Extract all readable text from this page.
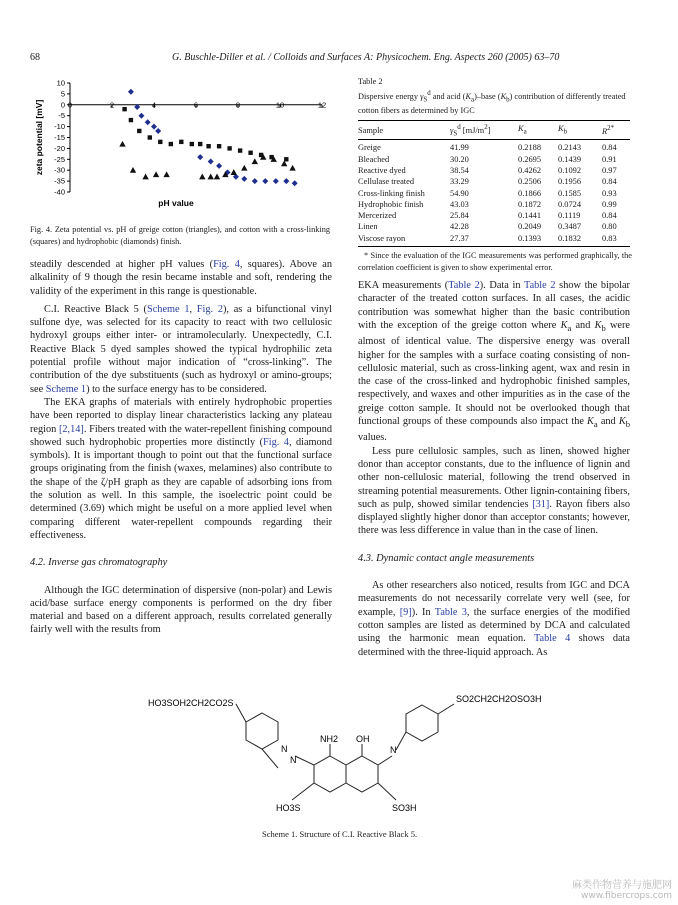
68	G. Buschle-Diller et al. / Colloids and Surfaces A: Physicochem. Eng. Aspects 260 (2005) 63–70
10
5
0
-5
-10
-15
-20
-25
-30
-35
-40
0	2	4	6	8	10	12
pH value
zeta potential [mV]
Fig. 4. Zeta potential vs. pH of greige cotton (triangles), and cotton with a cross-linking (squares) and hydrophobic (diamonds) finish.

steadily descended at higher pH values (Fig. 4, squares). Above an alkalinity of 9 though the resin became instable and soft, rendering the validity of the experiment in this range is questionable.

C.I. Reactive Black 5 (Scheme 1, Fig. 2), as a bifunctional vinyl sulfone dye, was selected for its capacity to react with two cellulosic hydroxyl groups either inter- or intramolecularly. Unexpectedly, C.I. Reactive Black 5 dyed samples showed the typical hydrophilic zeta potential profile without major indication of “cross-linking”. The contribution of the dye substituents (such as hydroxyl or amino-groups; see Scheme 1) to the surface energy has to be considered.

The EKA graphs of materials with entirely hydrophobic properties have been reported to display linear characteristics lacking any plateau region [2,14]. Fibers treated with the water-repellent finishing compound showed such hydrophobic properties more distinctly (Fig. 4, diamond symbols). It is important though to point out that the functional surface groups originating from the finish (waxes, melamines) also contribute to the shape of the ζ/pH graph as they are capable of adsorbing ions from the solution as well. In this sample, the isoelectric point could be determined (3.69) which might be useful on a more applied level when comparing different water-repellent compounds regarding their effectiveness.

4.2. Inverse gas chromatography

Although the IGC determination of dispersive (non-polar) and Lewis acid/base surface energy components is performed on the dry fiber material and based on a different approach, results correlated generally fairly well with the results from

Table 2
Dispersive energy $\gamma_S^d$ and acid $(K_a)$–base $(K_b)$ contribution of differently treated cotton fibers as determined by IGC
Sample	$\gamma_S^d$ $[mJ/m^2]$	$K_a$	$K_b$	$R^{2*}$
Greige	41.99	0.2188	0.2143	0.84
Bleached	30.20	0.2695	0.1439	0.91
Reactive dyed	38.54	0.4262	0.1092	0.97
Cellulase treated	33.29	0.2506	0.1956	0.84
Cross-linking finish	54.90	0.1866	0.1585	0.93
Hydrophobic finish	43.03	0.1872	0.0724	0.99
Mercerized	25.84	0.1441	0.1119	0.84
Linen	42.28	0.2049	0.3487	0.80
Viscose rayon	27.37	0.1393	0.1832	0.83
* Since the evaluation of the IGC measurements was performed graphically, the correlation coefficient is given to show experimental error.

EKA measurements (Table 2). Data in Table 2 show the bipolar character of the treated cotton surfaces. In all cases, the acidic contribution was somewhat higher than the basic contribution with the exception of the greige cotton where $K_a$ and $K_b$ were almost of identical value. The dispersive energy was overall higher for the samples with a surface coating consisting of non-cellulosic material, such as cross-linking agent, wax and resin in the case of the cross-linked and hydrophobic finished samples, respectively, and waxes and other impurities as in the case of the greige cotton sample. It should not be overlooked though that functional groups of these compounds also impact the $K_a$ and $K_b$ values.

Less pure cellulosic samples, such as linen, showed higher donor than acceptor constants, due to the influence of lignin and other non-cellulosic material, following the trend observed in streaming potential measurements. Other lignin-containing fibers, such as pulp, showed similar tendencies [31]. Rayon fibers also displayed slightly higher donor than acceptor constants; however, there was less difference in value than in the case of linen.

4.3. Dynamic contact angle measurements

As other researchers also noticed, results from IGC and DCA measurements do not necessarily correlate very well (see, for example, [9]). In Table 3, the surface energies of the modified cotton samples are listed as determined by DCA and calculated using the harmonic mean equation. Table 4 shows data determined with the three-liquid approach. As

HO3SOH2CH2CO2S	SO2CH2CH2OSO3H
N
N
N
NH2 OH
HO3S	SO3H
Scheme 1. Structure of C.I. Reactive Black 5.
麻类作物营养与施肥网
www.fibercrops.com
